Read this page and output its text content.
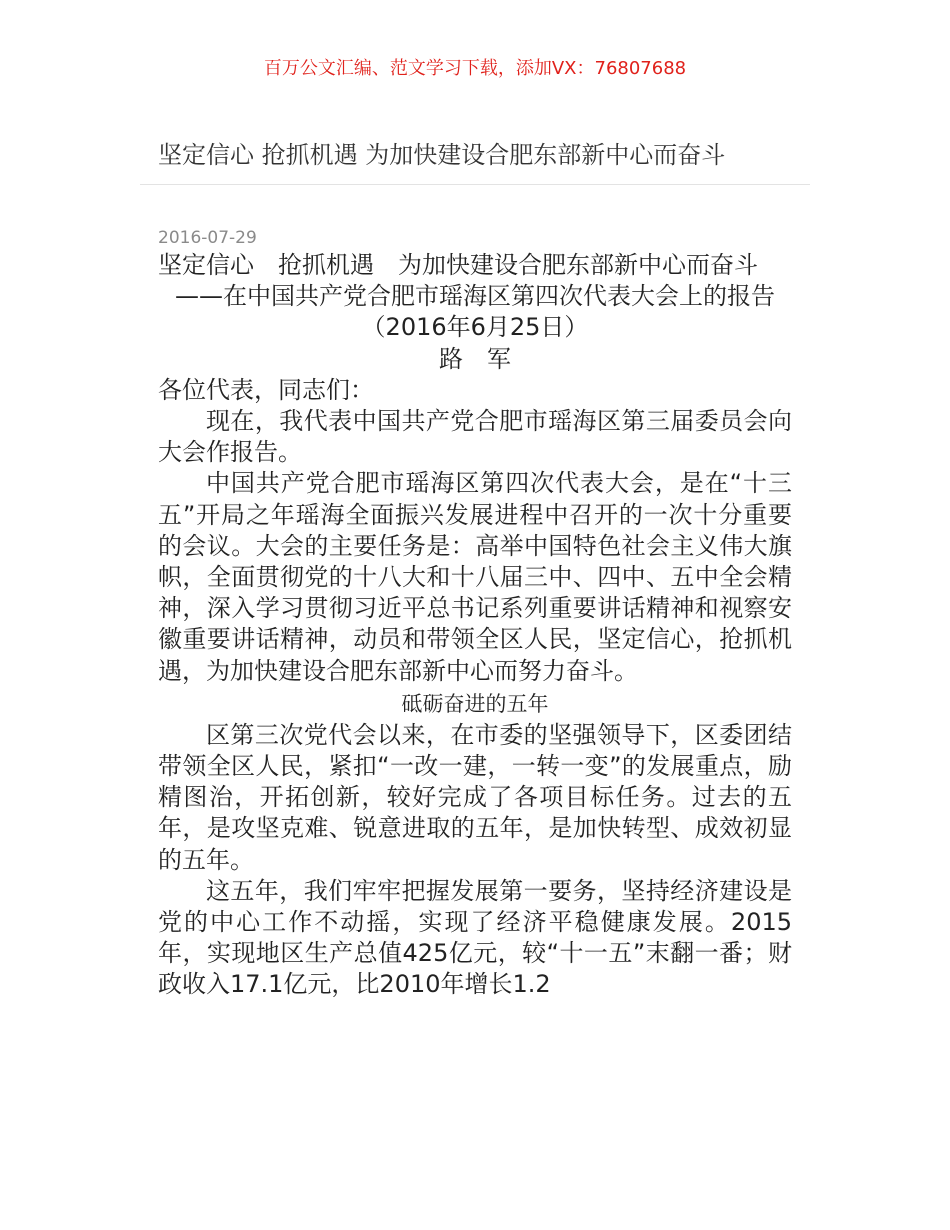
百万公文汇编、范文学习下载，添加VX：76807688
坚定信心 抢抓机遇 为加快建设合肥东部新中心而奋斗
2016-07-29

坚定信心　抢抓机遇　为加快建设合肥东部新中心而奋斗

——在中国共产党合肥市瑶海区第四次代表大会上的报告

（2016年6月25日）

路　军

各位代表，同志们：

现在，我代表中国共产党合肥市瑶海区第三届委员会向大会作报告。

中国共产党合肥市瑶海区第四次代表大会，是在“十三五”开局之年瑶海全面振兴发展进程中召开的一次十分重要的会议。大会的主要任务是：高举中国特色社会主义伟大旗帜，全面贯彻党的十八大和十八届三中、四中、五中全会精神，深入学习贯彻习近平总书记系列重要讲话精神和视察安徽重要讲话精神，动员和带领全区人民，坚定信心，抢抓机遇，为加快建设合肥东部新中心而努力奋斗。

砥砺奋进的五年

区第三次党代会以来，在市委的坚强领导下，区委团结带领全区人民，紧扣“一改一建，一转一变”的发展重点，励精图治，开拓创新，较好完成了各项目标任务。过去的五年，是攻坚克难、锐意进取的五年，是加快转型、成效初显的五年。

这五年，我们牢牢把握发展第一要务，坚持经济建设是党的中心工作不动摇，实现了经济平稳健康发展。2015年，实现地区生产总值425亿元，较“十一五”末翻一番；财政收入17.1亿元，比2010年增长1.2
